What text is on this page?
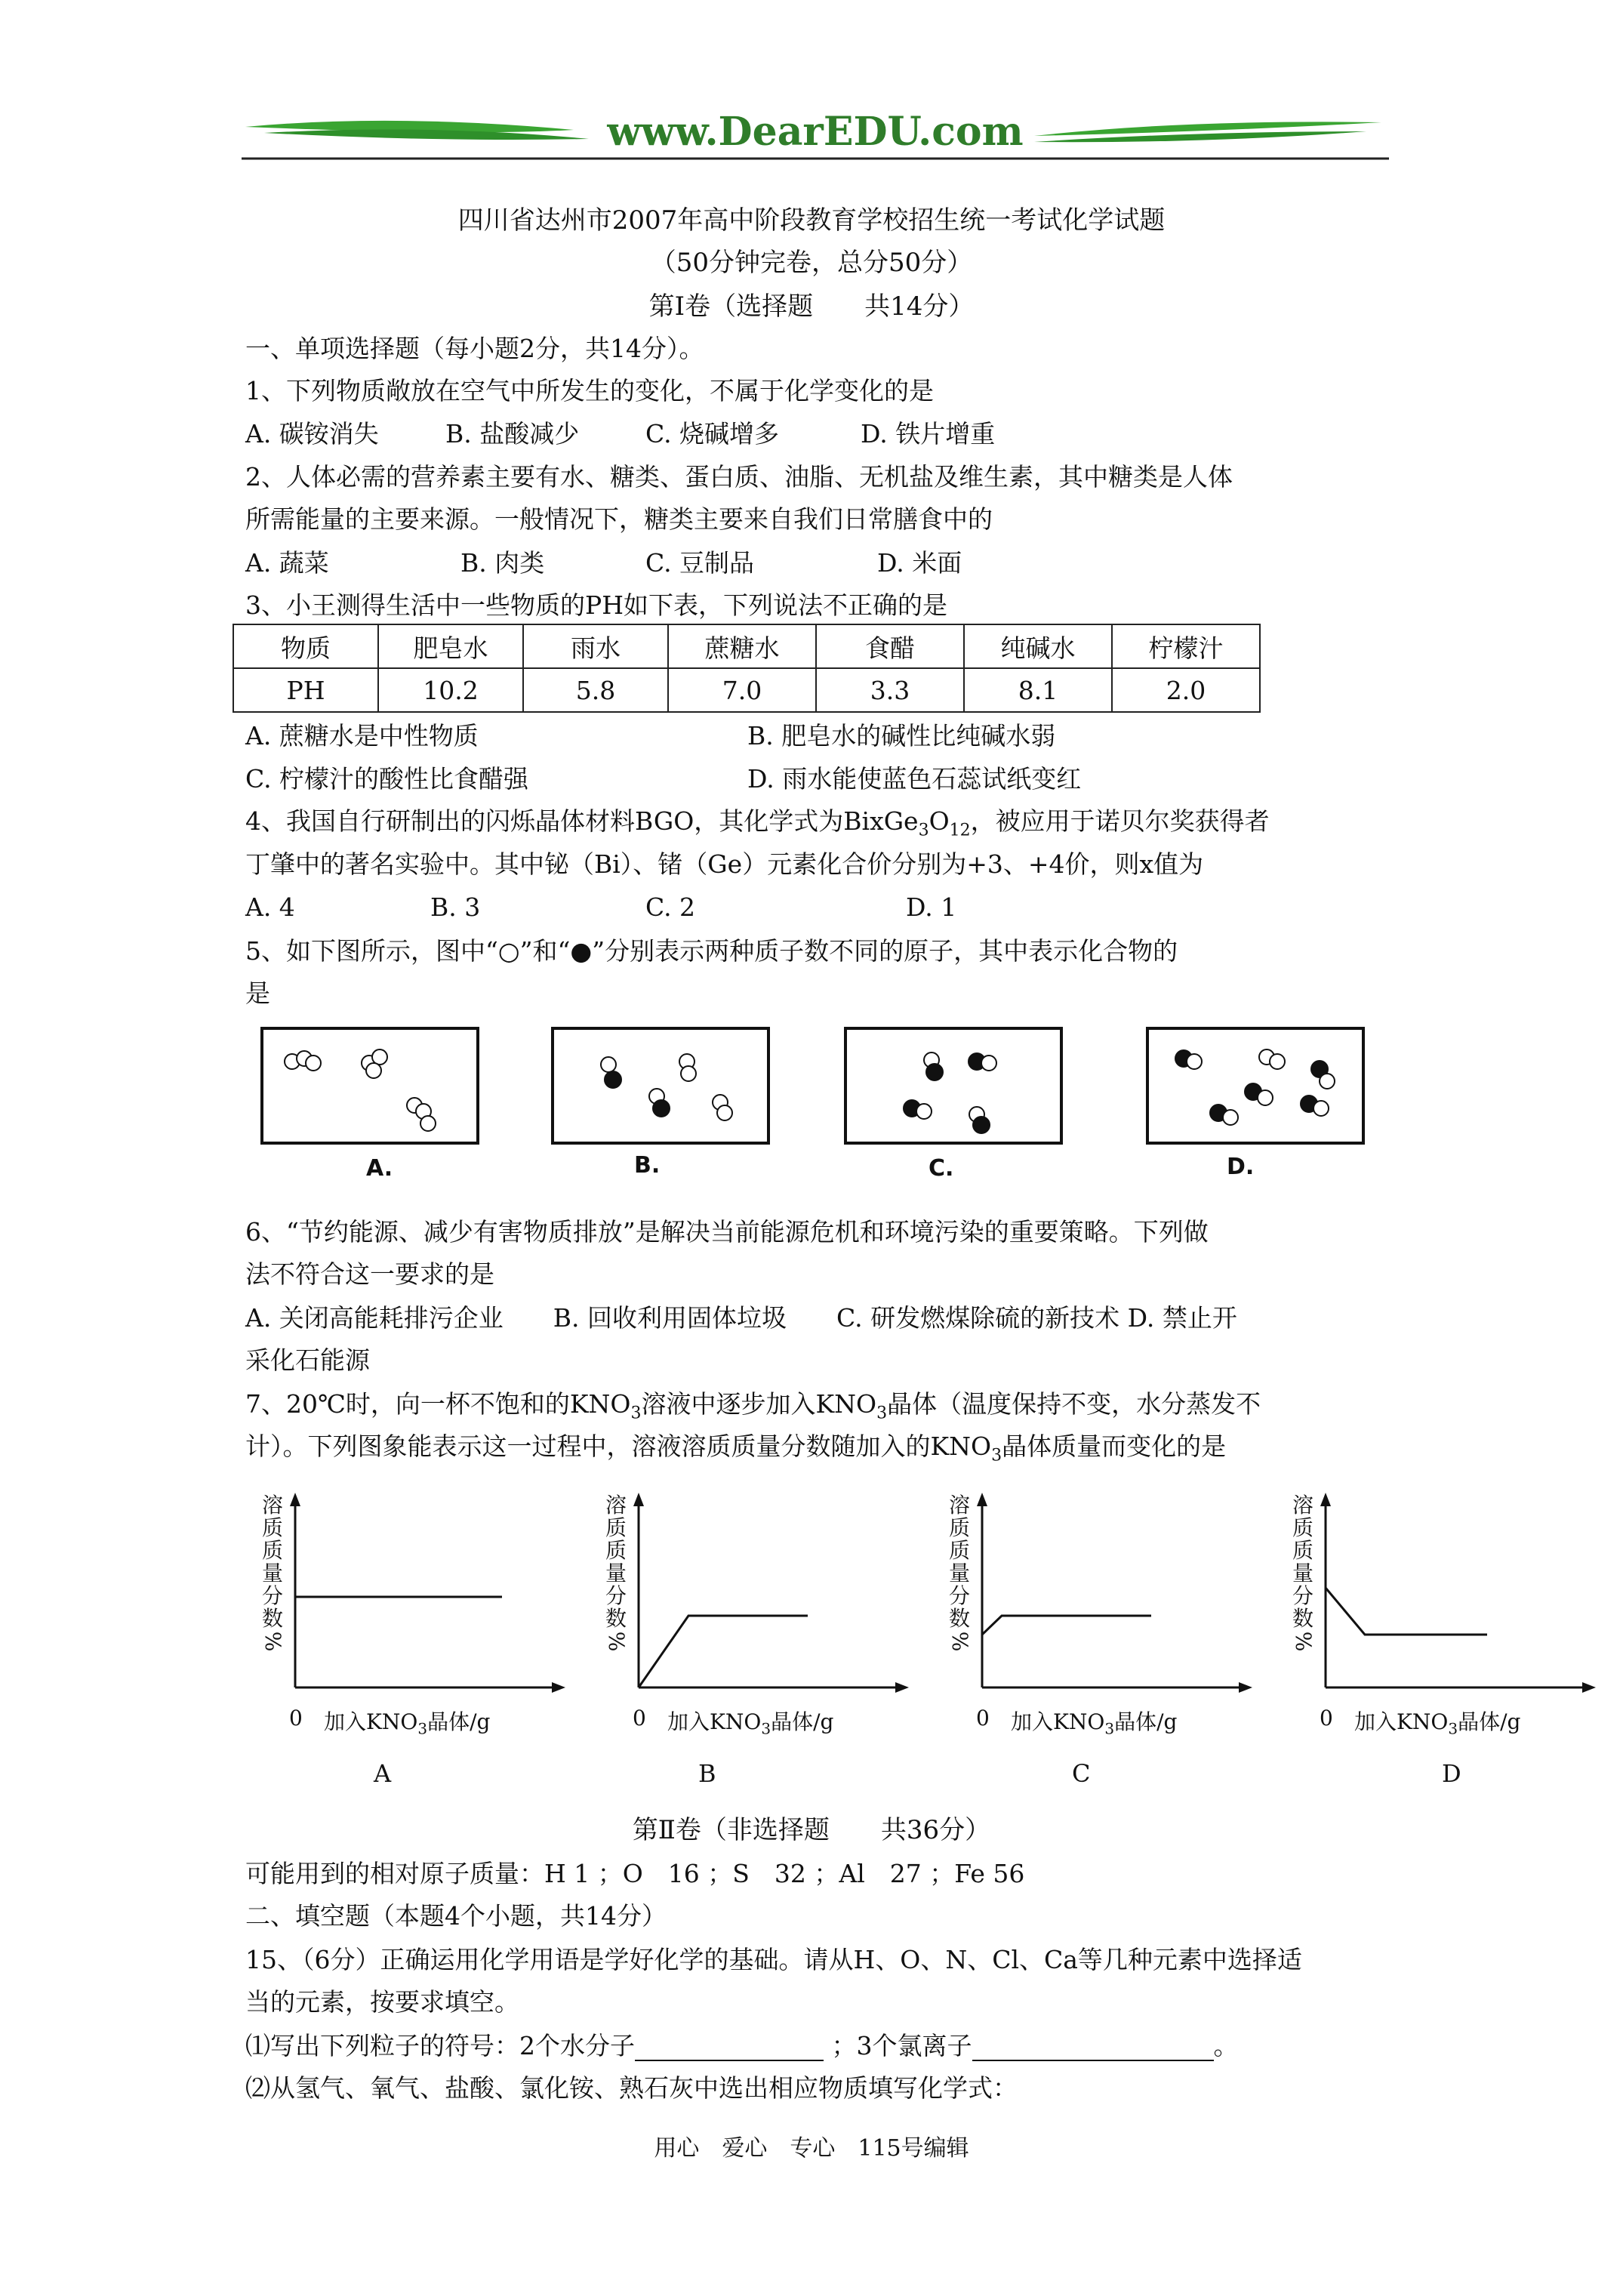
www.DearEDU.com
四川省达州市2007年高中阶段教育学校招生统一考试化学试题
（50分钟完卷，总分50分）
第Ⅰ卷（选择题　　共14分）
一、单项选择题（每小题2分，共14分）。
1、下列物质敞放在空气中所发生的变化，不属于化学变化的是
A. 碳铵消失	B. 盐酸减少	C. 烧碱增多	D. 铁片增重
2、人体必需的营养素主要有水、糖类、蛋白质、油脂、无机盐及维生素，其中糖类是人体
所需能量的主要来源。一般情况下，糖类主要来自我们日常膳食中的
A. 蔬菜	B. 肉类	C. 豆制品	D. 米面
3、小王测得生活中一些物质的PH如下表，下列说法不正确的是
物质	肥皂水	雨水	蔗糖水	食醋	纯碱水	柠檬汁
PH	10.2	5.8	7.0	3.3	8.1	2.0
A. 蔗糖水是中性物质	B. 肥皂水的碱性比纯碱水弱
C. 柠檬汁的酸性比食醋强	D. 雨水能使蓝色石蕊试纸变红
4、我国自行研制出的闪烁晶体材料BGO，其化学式为$BixGe_3O_{12}$，被应用于诺贝尔奖获得者
丁肇中的著名实验中。其中铋（Bi）、锗（Ge）元素化合价分别为+3、+4价，则x值为
A. 4	B. 3	C. 2	D. 1
5、如下图所示，图中“○”和“●”分别表示两种质子数不同的原子，其中表示化合物的
是
A.	B.	C.	D.
6、“节约能源、减少有害物质排放”是解决当前能源危机和环境污染的重要策略。下列做
法不符合这一要求的是
A. 关闭高能耗排污企业　　B. 回收利用固体垃圾　　C. 研发燃煤除硫的新技术 D. 禁止开
采化石能源
7、20℃时，向一杯不饱和的$KNO_3$溶液中逐步加入$KNO_3$晶体（温度保持不变，水分蒸发不
计）。下列图象能表示这一过程中，溶液溶质质量分数随加入的$KNO_3$晶体质量而变化的是
溶
质
质
量
分
数
%
0 加入$KNO_3$晶体/g
A
溶
质
质
量
分
数
%
0 加入$KNO_3$晶体/g
B
溶
质
质
量
分
数
%
0 加入$KNO_3$晶体/g
C
溶
质
质
量
分
数
%
0 加入$KNO_3$晶体/g
D
第Ⅱ卷（非选择题　　共36分）
可能用到的相对原子质量：H 1 ；O　16 ；S　32 ；Al　27 ；Fe 56
二、填空题（本题4个小题，共14分）
15、（6分）正确运用化学用语是学好化学的基础。请从H、O、N、Cl、Ca等几种元素中选择适
当的元素，按要求填空。
⑴写出下列粒子的符号：2个水分子	；3个氯离子	。
⑵从氢气、氧气、盐酸、氯化铵、熟石灰中选出相应物质填写化学式：
用心　爱心　专心　115号编辑
